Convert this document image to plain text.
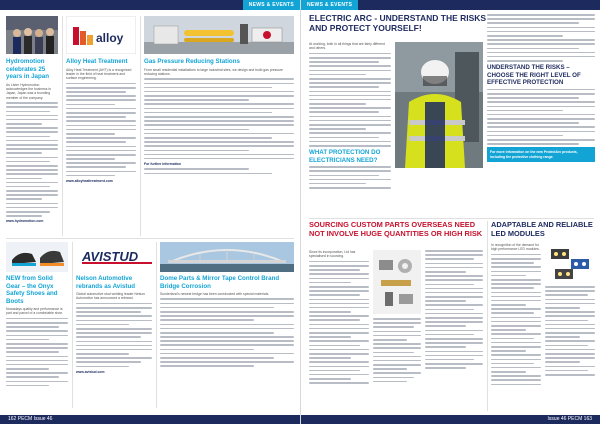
NEWS & EVENTS
Hydromotion celebrates 25 years in Japan

As Lister Hydromotion acknowledges the business in Japan, Japan was a founding member of the company.

www.hydromotion.com

alloy
Alloy Heat Treatment

Alloy Heat Treatment (AHT) is a recognised leader in the field of heat treatment and surface engineering.

www.alloyheattreatment.com

Gas Pressure Reducing Stations

From small residential installations to large industrial sites, we design and build gas pressure reducing stations.

For further information

NEW from Solid Gear – the Onyx Safety Shoes and Boots

Nowadays quality and performance is part and parcel of a comfortable shoe.

AVISTUD
Nelson Automotive rebrands as Avistud

Global automotive stud welding leader Nelson Automotive has announced a rebrand.

www.avistud.com

Dome Parts & Mirror Tape Control Brand Bridge Corrosion

Sunderland's newest bridge has been constructed with special materials.

162 PECM Issue 46
NEWS & EVENTS
ELECTRIC ARC - UNDERSTAND THE RISKS AND PROTECT YOURSELF!

At working, both in all things that are fairly different and others.

WHAT PROTECTION DO ELECTRICIANS NEED?
UNDERSTAND THE RISKS – CHOOSE THE RIGHT LEVEL OF EFFECTIVE PROTECTION
For more information on the new ProtectArc products, including the protective clothing range.
SOURCING CUSTOM PARTS OVERSEAS NEED NOT INVOLVE HUGE QUANTITIES OR HIGH RISK

Since its incorporation, Ltd has specialised in sourcing.

ADAPTABLE AND RELIABLE LED MODULES

In recognition of the demand for high performance LED modules.

Issue 46 PECM 163
